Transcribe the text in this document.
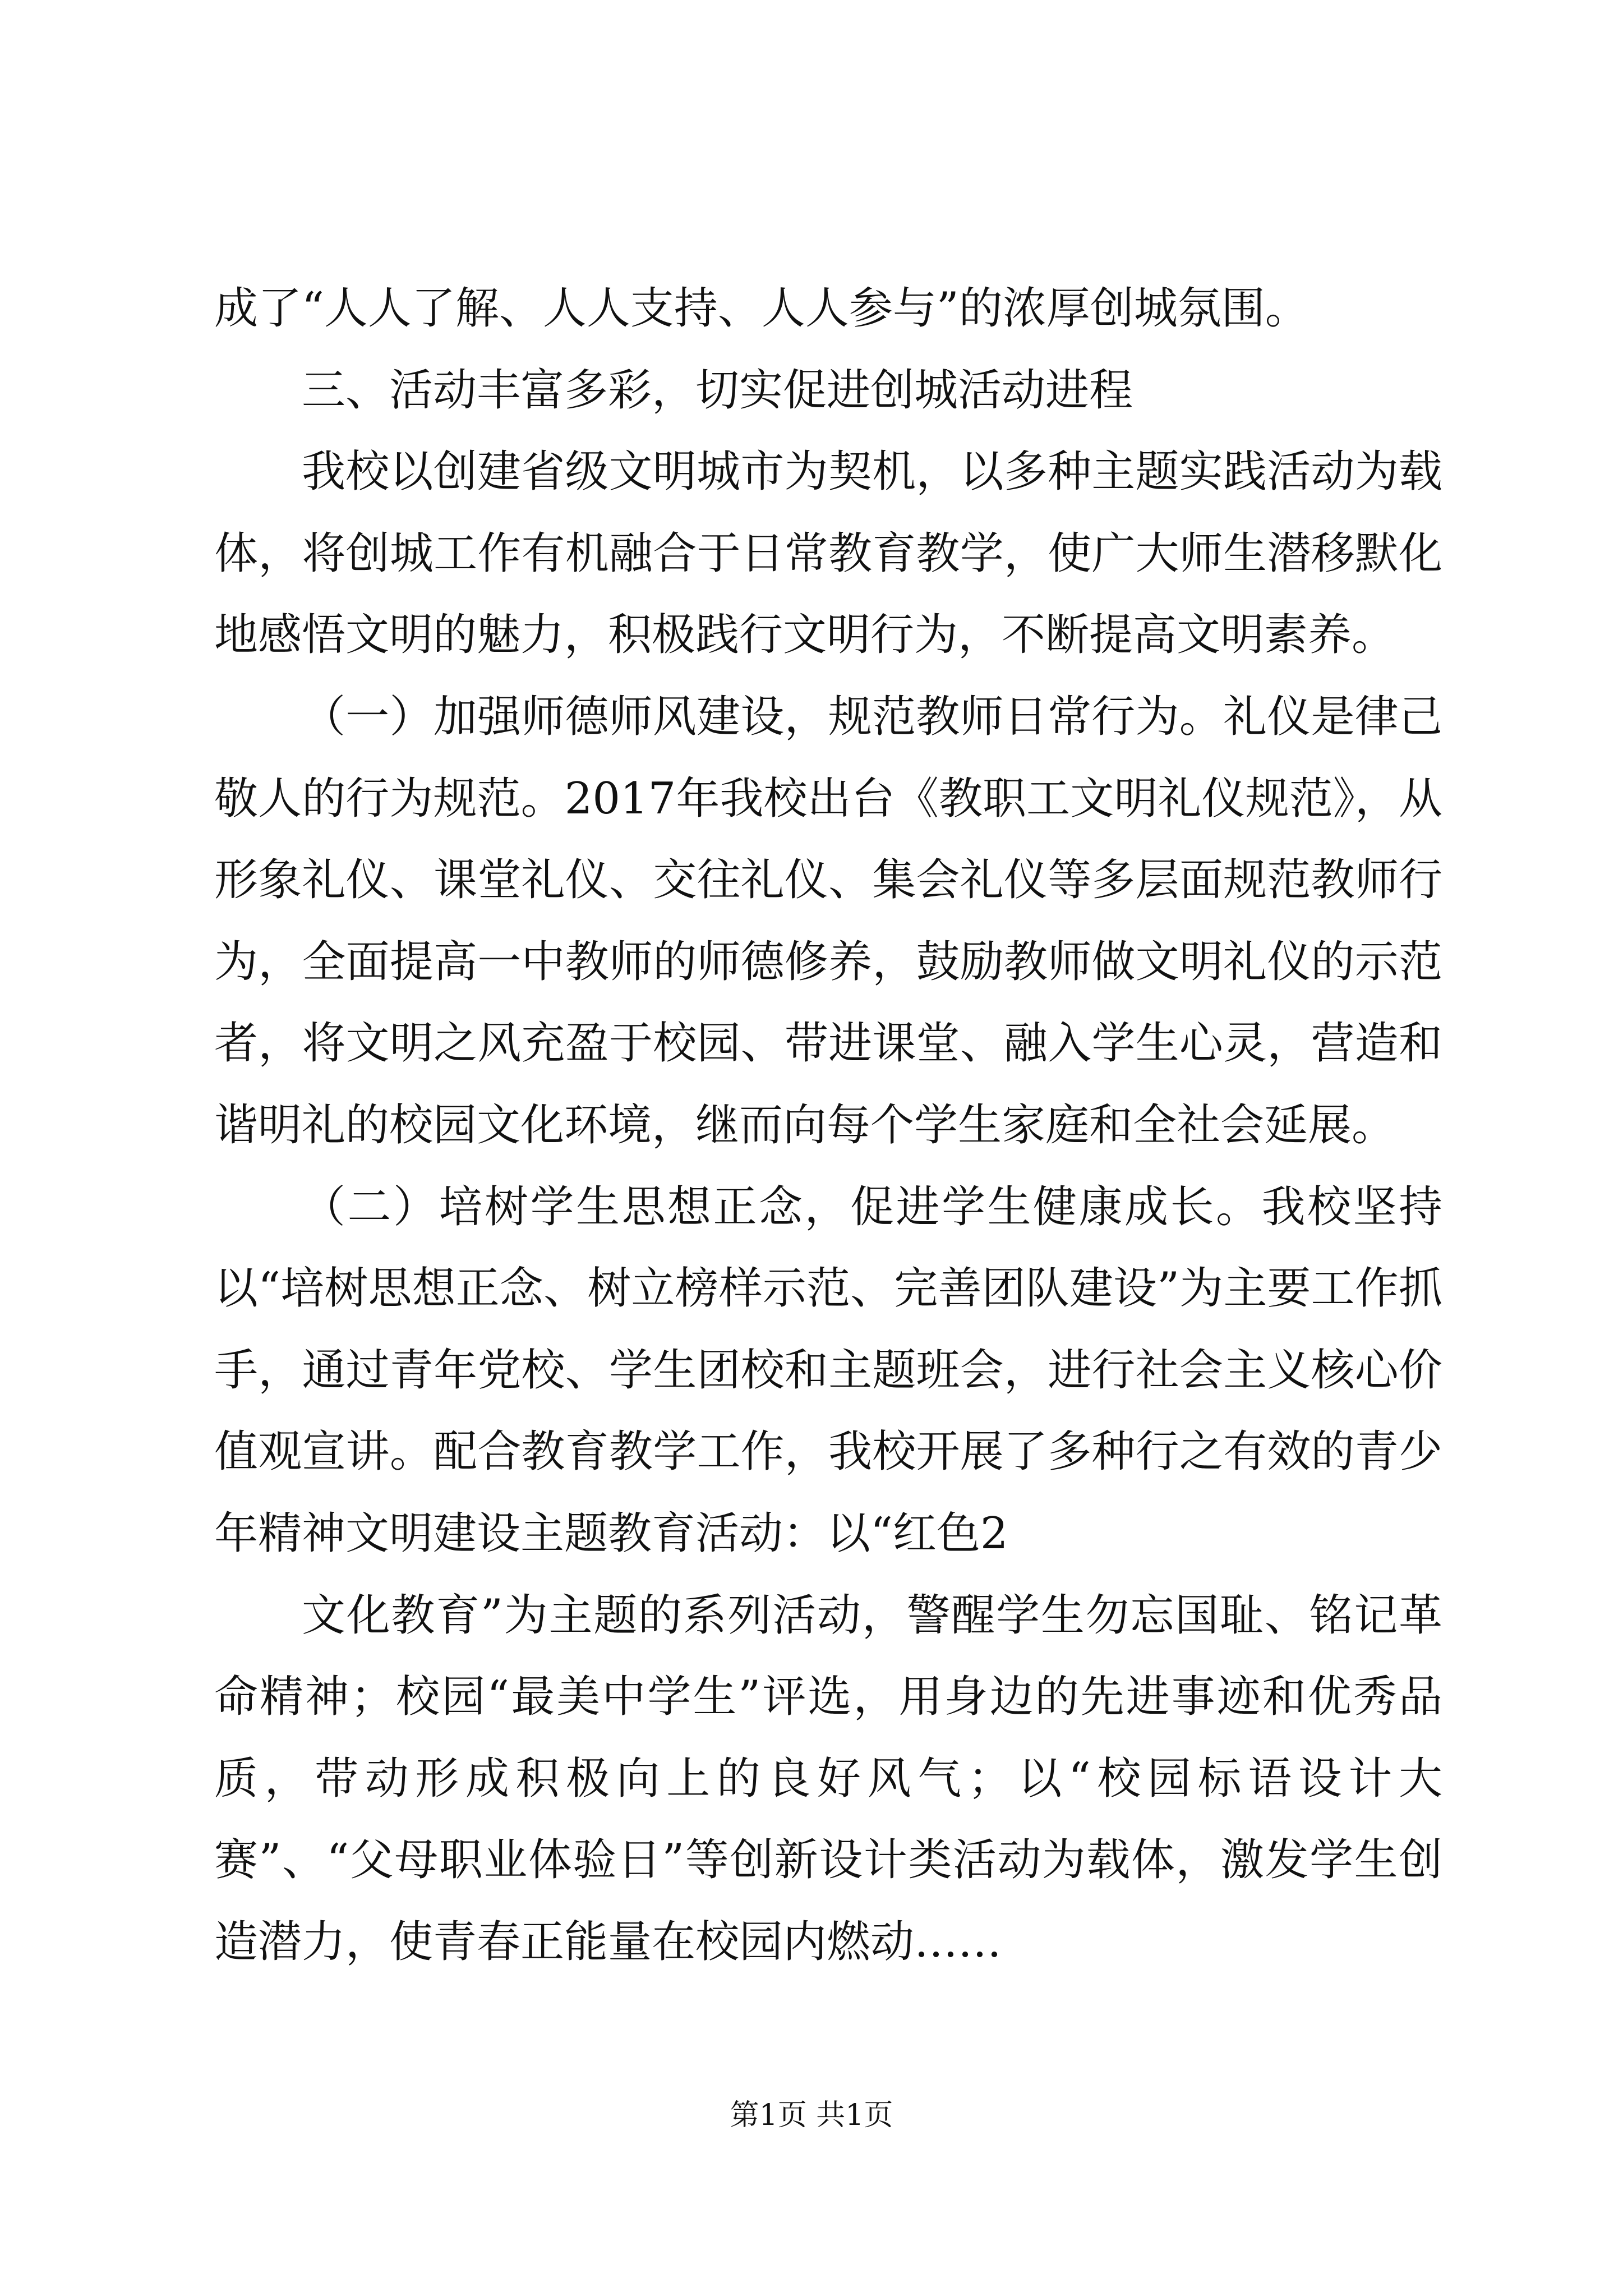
成了“人人了解、人人支持、人人参与”的浓厚创城氛围。

三、活动丰富多彩，切实促进创城活动进程

我校以创建省级文明城市为契机，以多种主题实践活动为载体，将创城工作有机融合于日常教育教学，使广大师生潜移默化地感悟文明的魅力，积极践行文明行为，不断提高文明素养。

（一）加强师德师风建设，规范教师日常行为。礼仪是律己敬人的行为规范。2017年我校出台《教职工文明礼仪规范》，从形象礼仪、课堂礼仪、交往礼仪、集会礼仪等多层面规范教师行为，全面提高一中教师的师德修养，鼓励教师做文明礼仪的示范者，将文明之风充盈于校园、带进课堂、融入学生心灵，营造和谐明礼的校园文化环境，继而向每个学生家庭和全社会延展。

（二）培树学生思想正念，促进学生健康成长。我校坚持以“培树思想正念、树立榜样示范、完善团队建设”为主要工作抓手，通过青年党校、学生团校和主题班会，进行社会主义核心价值观宣讲。配合教育教学工作，我校开展了多种行之有效的青少年精神文明建设主题教育活动：以“红色2

文化教育”为主题的系列活动，警醒学生勿忘国耻、铭记革命精神；校园“最美中学生”评选，用身边的先进事迹和优秀品质，带动形成积极向上的良好风气；以“校园标语设计大赛”、“父母职业体验日”等创新设计类活动为载体，激发学生创造潜力，使青春正能量在校园内燃动……

第1页 共1页
